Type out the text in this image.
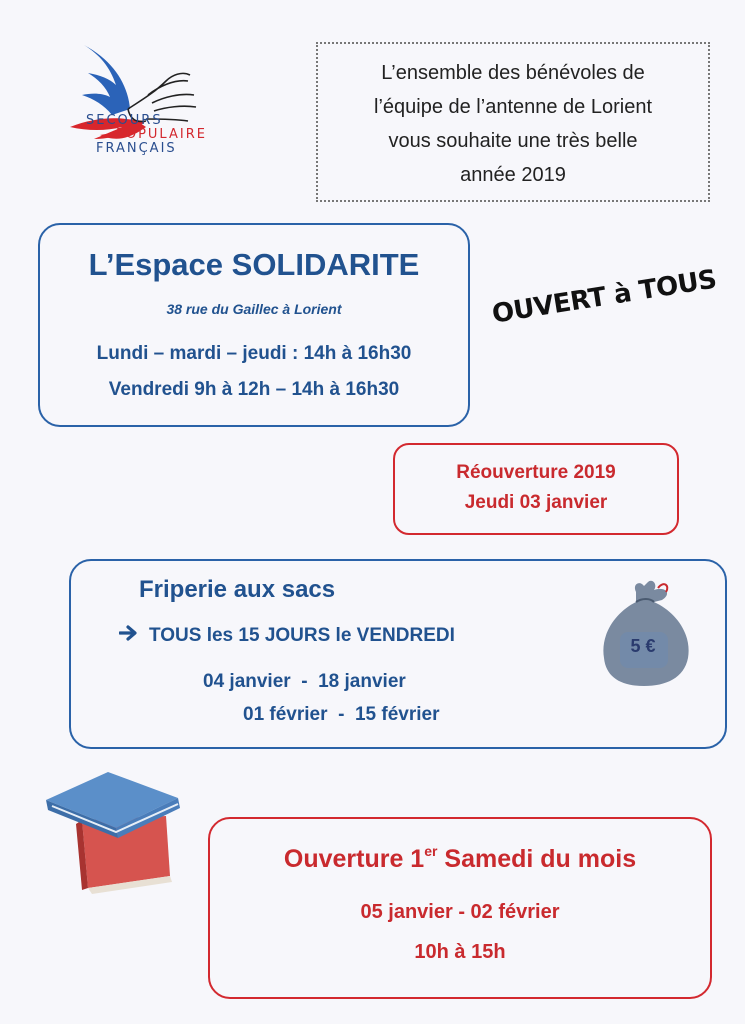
SECOURS
POPULAIRE
FRANÇAIS
L’ensemble des bénévoles de
l’équipe de l’antenne de Lorient
vous souhaite une très belle
année 2019
L’Espace SOLIDARITE
38 rue du Gaillec à Lorient
Lundi – mardi – jeudi : 14h à 16h30
Vendredi 9h à 12h – 14h à 16h30
OUVERT à TOUS
Réouverture 2019
Jeudi 03 janvier
Friperie aux sacs
TOUS les 15 JOURS le VENDREDI
04 janvier  -  18 janvier
01 février  -  15 février
5 €
Ouverture 1er Samedi du mois
05 janvier - 02 février
10h à 15h
